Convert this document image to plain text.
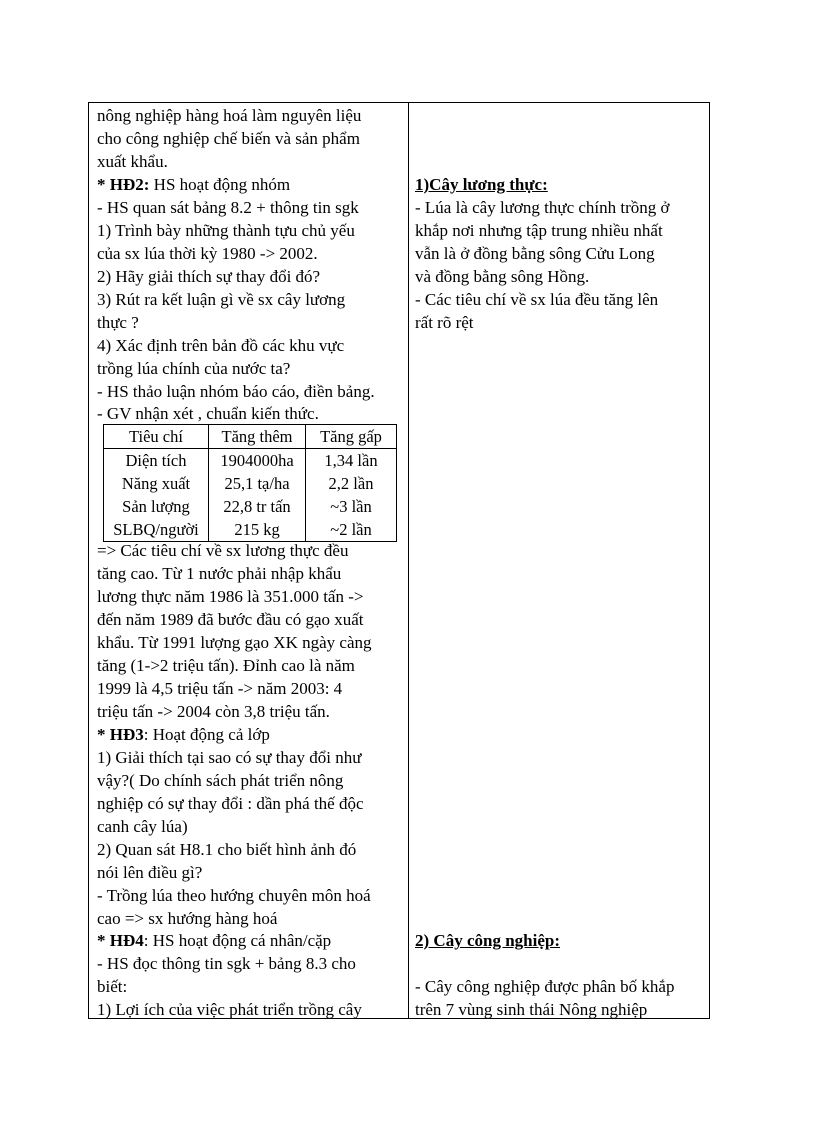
nông nghiệp hàng hoá làm nguyên liệu
cho công nghiệp chế biến và sản phẩm
xuất khẩu.
* HĐ2: HS hoạt động nhóm
- HS quan sát bảng 8.2 + thông tin sgk
1) Trình bày những thành tựu chủ yếu
của sx lúa thời kỳ 1980 -> 2002.
2) Hãy giải thích sự thay đổi đó?
3) Rút ra kết luận gì về sx cây lương
thực ?
4) Xác định trên bản đồ các khu vực
trồng lúa chính của nước ta?
- HS thảo luận nhóm báo cáo, điền bảng.
- GV nhận xét , chuẩn kiến thức.
Tiêu chí	Tăng thêm	Tăng gấp
Diện tích	1904000ha	1,34 lần
Năng xuất	25,1 tạ/ha	2,2 lần
Sản lượng	22,8 tr tấn	~3 lần
SLBQ/người	215 kg	~2 lần
=> Các tiêu chí về sx lương thực đều
tăng cao. Từ 1 nước phải nhập khẩu
lương thực năm 1986 là 351.000 tấn ->
đến năm 1989 đã bước đầu có gạo xuất
khẩu. Từ 1991 lượng gạo XK ngày càng
tăng (1->2 triệu tấn). Đỉnh cao là năm
1999 là 4,5 triệu tấn -> năm 2003: 4
triệu tấn -> 2004 còn 3,8 triệu tấn.
* HĐ3: Hoạt động cả lớp
1) Giải thích tại sao có sự thay đổi như
vậy?( Do chính sách phát triển nông
nghiệp có sự thay đổi : dần phá thế độc
canh cây lúa)
2) Quan sát H8.1 cho biết hình ảnh đó
nói lên điều gì?
- Trồng lúa theo hướng chuyên môn hoá
cao => sx hướng hàng hoá
* HĐ4: HS hoạt động cá nhân/cặp
- HS đọc thông tin sgk + bảng 8.3 cho
biết:
1) Lợi ích của việc phát triển trồng cây
1)Cây lương thực:
- Lúa là cây lương thực chính trồng ở
khắp nơi nhưng tập trung nhiều nhất
vẫn là ở đồng bằng sông Cửu Long
và đồng bằng sông Hồng.
- Các tiêu chí về sx lúa đều tăng lên
rất rõ rệt
2) Cây công nghiệp:
- Cây công nghiệp được phân bố khắp
trên 7 vùng sinh thái Nông nghiệp
